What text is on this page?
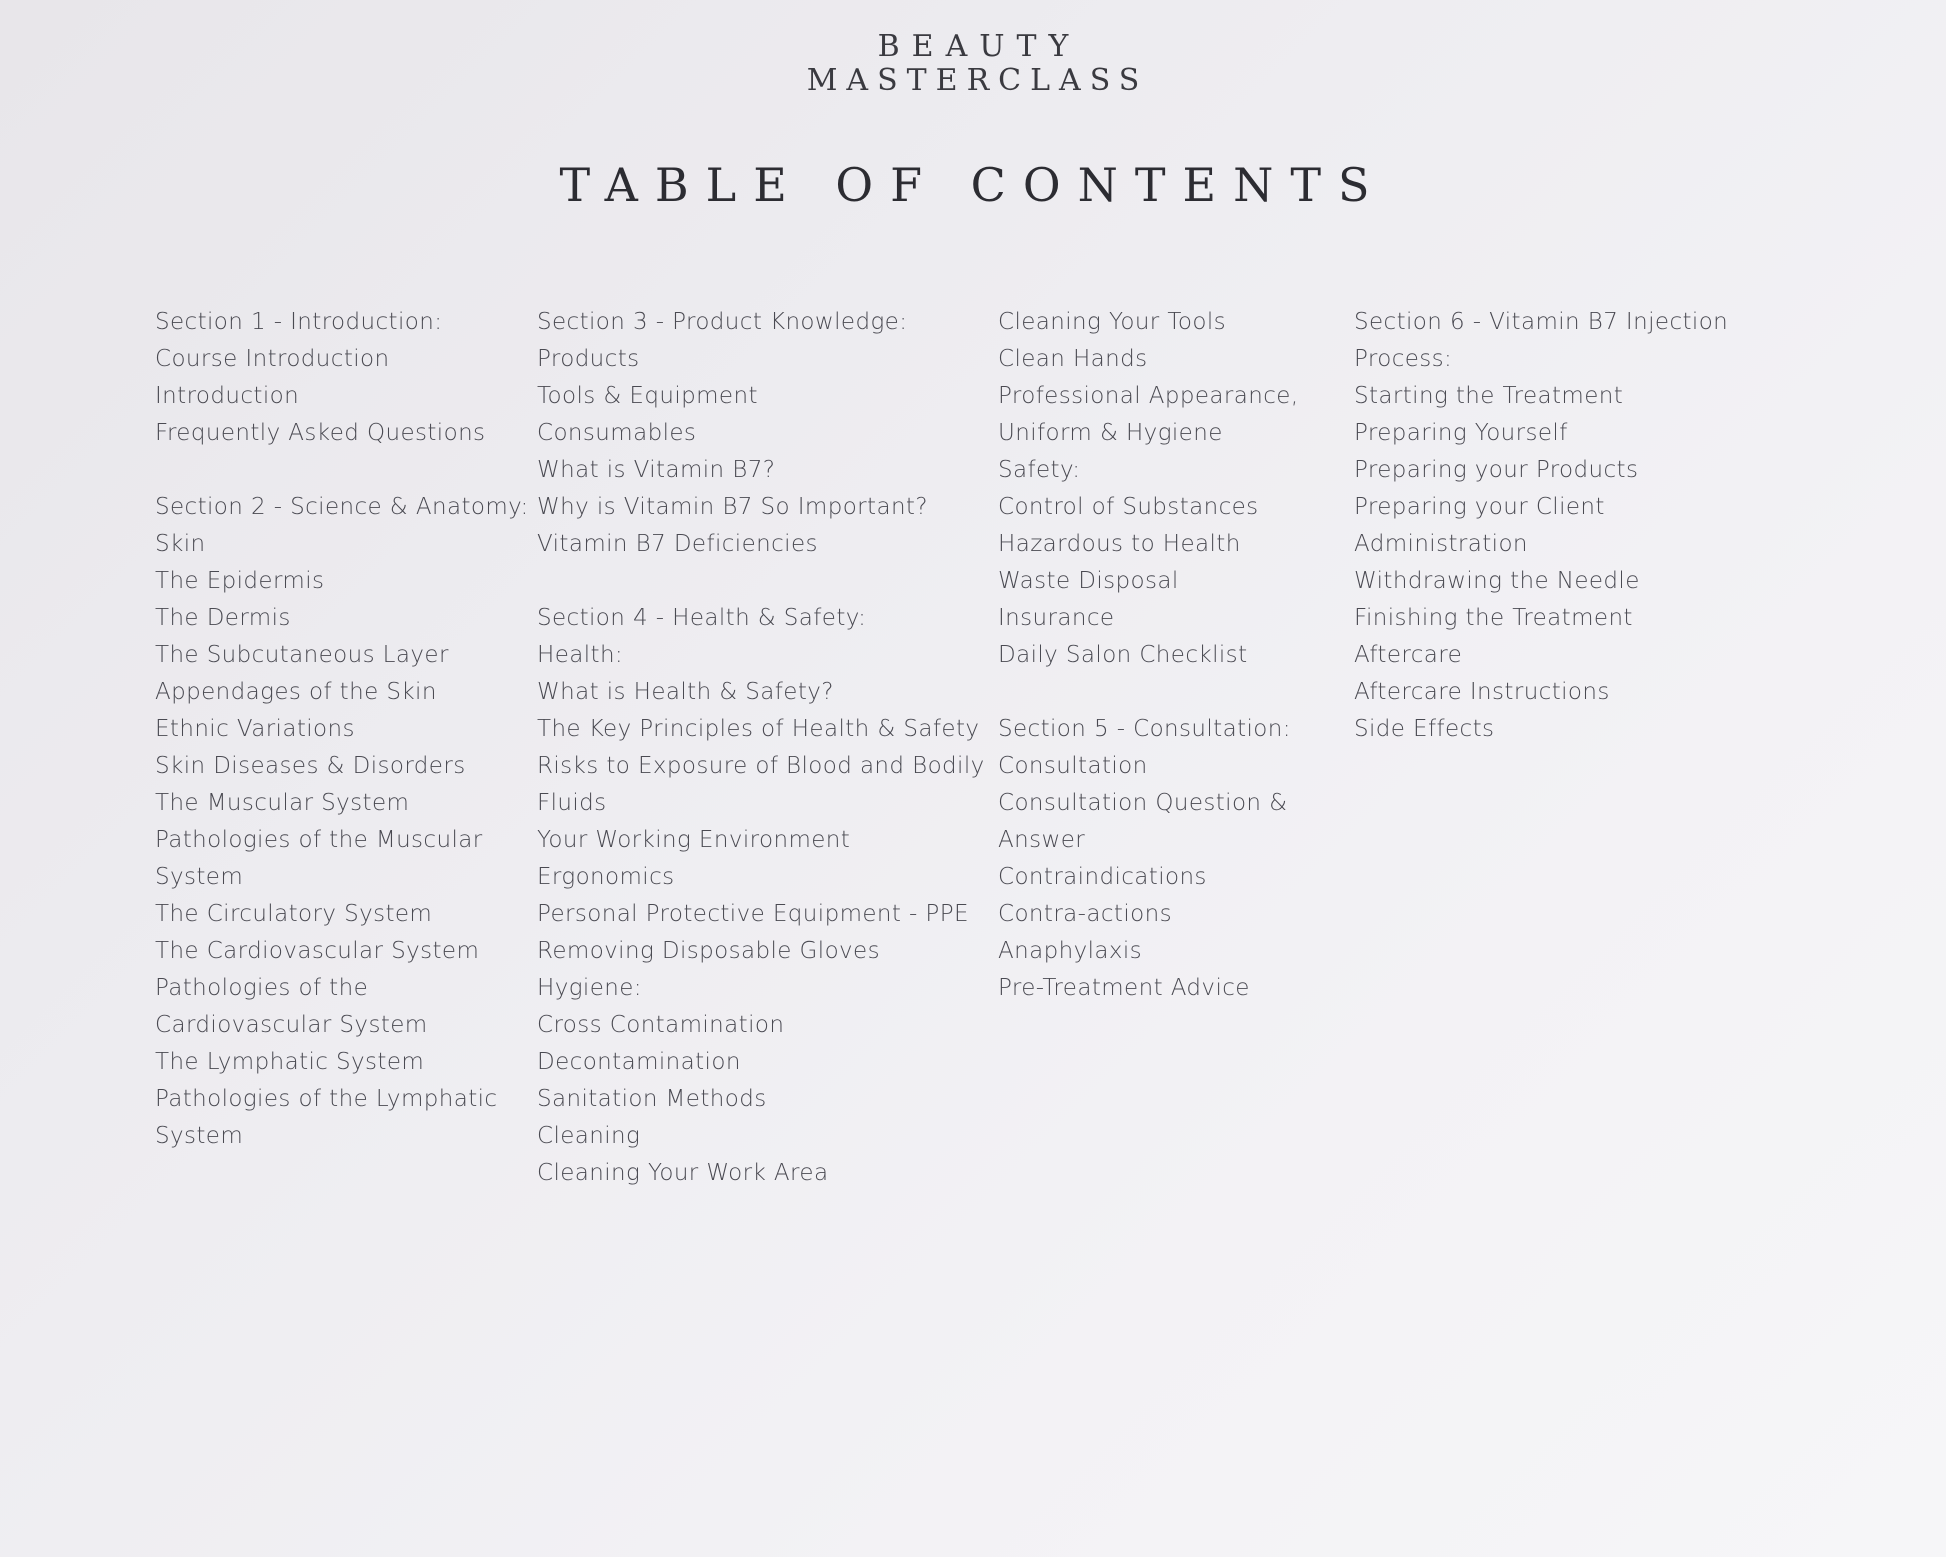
BEAUTY
MASTERCLASS
TABLE OF CONTENTS
Section 1 - Introduction:
Course Introduction
Introduction
Frequently Asked Questions
Section 2 - Science & Anatomy:
Skin
The Epidermis
The Dermis
The Subcutaneous Layer
Appendages of the Skin
Ethnic Variations
Skin Diseases & Disorders
The Muscular System
Pathologies of the Muscular
System
The Circulatory System
The Cardiovascular System
Pathologies of the
Cardiovascular System
The Lymphatic System
Pathologies of the Lymphatic
System
Section 3 - Product Knowledge:
Products
Tools & Equipment
Consumables
What is Vitamin B7?
Why is Vitamin B7 So Important?
Vitamin B7 Deficiencies
Section 4 - Health & Safety:
Health:
What is Health & Safety?
The Key Principles of Health & Safety
Risks to Exposure of Blood and Bodily
Fluids
Your Working Environment
Ergonomics
Personal Protective Equipment - PPE
Removing Disposable Gloves
Hygiene:
Cross Contamination
Decontamination
Sanitation Methods
Cleaning
Cleaning Your Work Area
Cleaning Your Tools
Clean Hands
Professional Appearance,
Uniform & Hygiene
Safety:
Control of Substances
Hazardous to Health
Waste Disposal
Insurance
Daily Salon Checklist
Section 5 - Consultation:
Consultation
Consultation Question &
Answer
Contraindications
Contra-actions
Anaphylaxis
Pre-Treatment Advice
Section 6 - Vitamin B7 Injection
Process:
Starting the Treatment
Preparing Yourself
Preparing your Products
Preparing your Client
Administration
Withdrawing the Needle
Finishing the Treatment
Aftercare
Aftercare Instructions
Side Effects
